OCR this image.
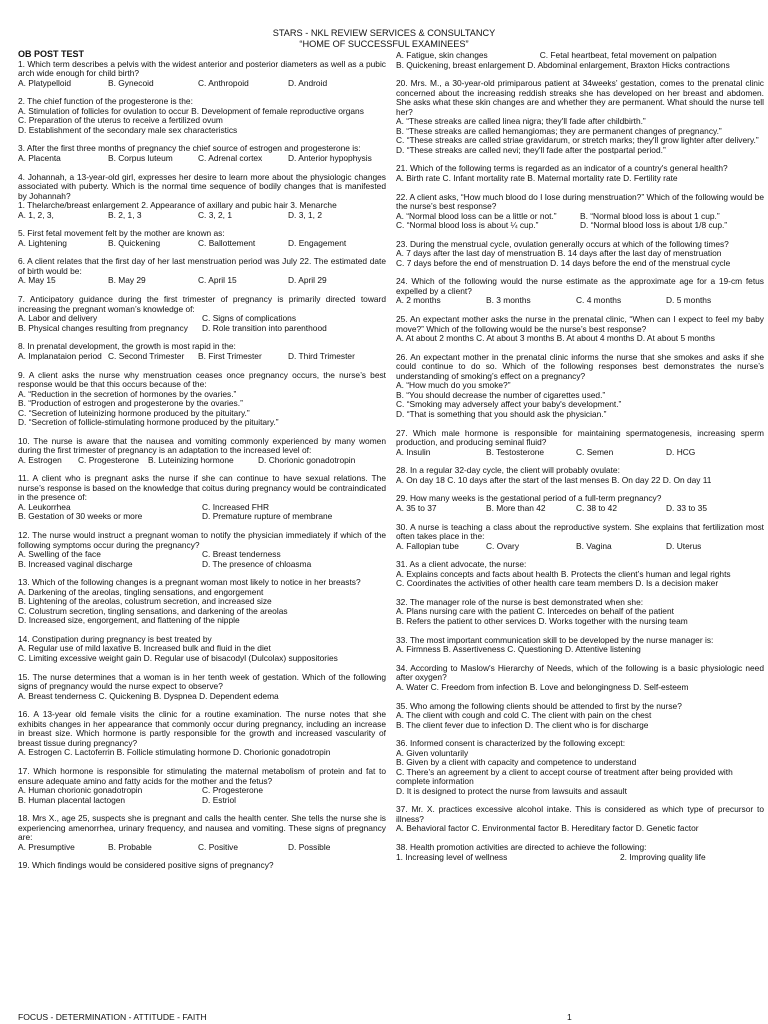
STARS - NKL REVIEW SERVICES & CONSULTANCY
“HOME OF SUCCESSFUL EXAMINEES”
OB POST TEST
1. Which term describes a pelvis with the widest anterior and posterior diameters as well as a pubic arch wide enough for child birth?
A. Platypelloid	B. Gynecoid	C. Anthropoid	D. Android
2. The chief function of the progesterone is the:
A. Stimulation of follicles for ovulation to occur B. Development of female reproductive organs
C. Preparation of the uterus to receive a fertilized ovum
D. Establishment of the secondary male sex characteristics
3. After the first three months of pregnancy the chief source of estrogen and progesterone is:
A. Placenta	B. Corpus luteum	C. Adrenal cortex	D. Anterior hypophysis
4. Johannah, a 13-year-old girl, expresses her desire to learn more about the physiologic changes associated with puberty. Which is the normal time sequence of bodily changes that is manifested by Johannah?
1. Thelarche/breast enlargement 2. Appearance of axillary and pubic hair 3. Menarche
A. 1, 2, 3,	B. 2, 1, 3	C. 3, 2, 1	D. 3, 1, 2
5. First fetal movement felt by the mother are known as:
A. Lightening	B. Quickening	C. Ballottement	D. Engagement
6. A client relates that the first day of her last menstruation period was July 22. The estimated date of birth would be:
A. May 15	B. May 29	C. April 15	D. April 29
7. Anticipatory guidance during the first trimester of pregnancy is primarily directed toward increasing the pregnant woman’s knowledge of:
A. Labor and delivery	C. Signs of complications
B. Physical changes resulting from pregnancy	D. Role transition into parenthood
8. In prenatal development, the growth is most rapid in the:
A. Implanataion period C. Second Trimester	B. First Trimester	D. Third Trimester
9. A client asks the nurse why menstruation ceases once pregnancy occurs, the nurse’s best response would be that this occurs because of the:
A. “Reduction in the secretion of hormones by the ovaries.”
B. “Production of estrogen and progesterone by the ovaries.”
C. “Secretion of luteinizing hormone produced by the pituitary.”
D. “Secretion of follicle-stimulating hormone produced by the pituitary.”
10. The nurse is aware that the nausea and vomiting commonly experienced by many women during the first trimester of pregnancy is an adaptation to the increased level of:
A. Estrogen	C. Progesterone	B. Luteinizing hormone	D. Chorionic gonadotropin
11. A client who is pregnant asks the nurse if she can continue to have sexual relations. The nurse’s response is based on the knowledge that coitus during pregnancy would be contraindicated in the presence of:
A. Leukorrhea	C. Increased FHR
B. Gestation of 30 weeks or more	D. Premature rupture of membrane
12. The nurse would instruct a pregnant woman to notify the physician immediately if which of the following symptoms occur during the pregnancy?
A. Swelling of the face	C. Breast tenderness
B. Increased vaginal discharge	D. The presence of chloasma
13. Which of the following changes is a pregnant woman most likely to notice in her breasts?
A. Darkening of the areolas, tingling sensations, and engorgement
B. Lightening of the areolas, colustrum secretion, and increased size
C. Colustrum secretion, tingling sensations, and darkening of the areolas
D. Increased size, engorgement, and flattening of the nipple
14. Constipation during pregnancy is best treated by
A. Regular use of mild laxative B. Increased bulk and fluid in the diet
C. Limiting excessive weight gain D. Regular use of bisacodyl (Dulcolax) suppositories
15. The nurse determines that a woman is in her tenth week of gestation. Which of the following signs of pregnancy would the nurse expect to observe?
A. Breast tenderness C. Quickening B. Dyspnea D. Dependent edema
16. A 13-year old female visits the clinic for a routine examination. The nurse notes that she exhibits changes in her appearance that commonly occur during pregnancy, including an increase in breast size. Which hormone is partly responsible for the growth and increased vascularity of breast tissue during pregnancy?
A. Estrogen C. Lactoferrin B. Follicle stimulating hormone D. Chorionic gonadotropin
17. Which hormone is responsible for stimulating the maternal metabolism of protein and fat to ensure adequate amino and fatty acids for the mother and the fetus?
A. Human chorionic gonadotropin	C. Progesterone
B. Human placental lactogen	D. Estriol
18. Mrs X., age 25, suspects she is pregnant and calls the health center. She tells the nurse she is experiencing amenorrhea, urinary frequency, and nausea and vomiting. These signs of pregnancy are:
A. Presumptive	B. Probable	C. Positive	D. Possible
19. Which findings would be considered positive signs of pregnancy?
A. Fatigue, skin changes	C. Fetal heartbeat, fetal movement on palpation
B. Quickening, breast enlargement D. Abdominal enlargement, Braxton Hicks contractions
20. Mrs. M., a 30-year-old primiparous patient at 34weeks’ gestation, comes to the prenatal clinic concerned about the increasing reddish streaks she has developed on her breast and abdomen. She asks what these skin changes are and whether they are permanent. What should the nurse tell her?
A. “These streaks are called linea nigra; they'll fade after childbirth.”
B. “These streaks are called hemangiomas; they are permanent changes of pregnancy.”
C. “These streaks are called striae gravidarum, or stretch marks; they'll grow lighter after delivery.”
D. “These streaks are called nevi; they'll fade after the postpartal period.”
21. Which of the following terms is regarded as an indicator of a country's general health?
A. Birth rate C. Infant mortality rate B. Maternal mortality rate D. Fertility rate
22. A client asks, “How much blood do I lose during menstruation?” Which of the following would be the nurse’s best response?
A. “Normal blood loss can be a little or not.”	B. “Normal blood loss is about 1 cup.”
C. “Normal blood loss is about ¼ cup.”	D. “Normal blood loss is about 1/8 cup.”
23. During the menstrual cycle, ovulation generally occurs at which of the following times?
A. 7 days after the last day of menstruation B. 14 days after the last day of menstruation
C. 7 days before the end of menstruation D. 14 days before the end of the menstrual cycle
24. Which of the following would the nurse estimate as the approximate age for a 19-cm fetus expelled by a client?
A. 2 months	B. 3 months	C. 4 months	D. 5 months
25. An expectant mother asks the nurse in the prenatal clinic, “When can I expect to feel my baby move?” Which of the following would be the nurse’s best response?
A. At about 2 months C. At about 3 months B. At about 4 months D. At about 5 months
26. An expectant mother in the prenatal clinic informs the nurse that she smokes and asks if she could continue to do so. Which of the following responses best demonstrates the nurse’s understanding of smoking’s effect on a pregnancy?
A. “How much do you smoke?”
B. “You should decrease the number of cigarettes used.”
C. “Smoking may adversely affect your baby's development.”
D. “That is something that you should ask the physician.”
27. Which male hormone is responsible for maintaining spermatogenesis, increasing sperm production, and producing seminal fluid?
A. Insulin	B. Testosterone	C. Semen	D. HCG
28. In a regular 32-day cycle, the client will probably ovulate:
A. On day 18 C. 10 days after the start of the last menses B. On day 22 D. On day 11
29. How many weeks is the gestational period of a full-term pregnancy?
A. 35 to 37	B. More than 42	C. 38 to 42	D. 33 to 35
30. A nurse is teaching a class about the reproductive system. She explains that fertilization most often takes place in the:
A. Fallopian tube	C. Ovary	B. Vagina	D. Uterus
31. As a client advocate, the nurse:
A. Explains concepts and facts about health B. Protects the client’s human and legal rights
C. Coordinates the activities of other health care team members D. Is a decision maker
32. The manager role of the nurse is best demonstrated when she:
A. Plans nursing care with the patient C. Intercedes on behalf of the patient
B. Refers the patient to other services D. Works together with the nursing team
33. The most important communication skill to be developed by the nurse manager is:
A. Firmness B. Assertiveness C. Questioning D. Attentive listening
34. According to Maslow's Hierarchy of Needs, which of the following is a basic physiologic need after oxygen?
A. Water C. Freedom from infection B. Love and belongingness D. Self-esteem
35. Who among the following clients should be attended to first by the nurse?
A. The client with cough and cold C. The client with pain on the chest
B. The client fever due to infection D. The client who is for discharge
36. Informed consent is characterized by the following except:
A. Given voluntarily
B. Given by a client with capacity and competence to understand
C. There’s an agreement by a client to accept course of treatment after being provided with complete information
D. It is designed to protect the nurse from lawsuits and assault
37. Mr. X. practices excessive alcohol intake. This is considered as which type of precursor to illness?
A. Behavioral factor C. Environmental factor B. Hereditary factor D. Genetic factor
38. Health promotion activities are directed to achieve the following:
1. Increasing level of wellness	2. Improving quality life
FOCUS - DETERMINATION - ATTITUDE - FAITH	1
